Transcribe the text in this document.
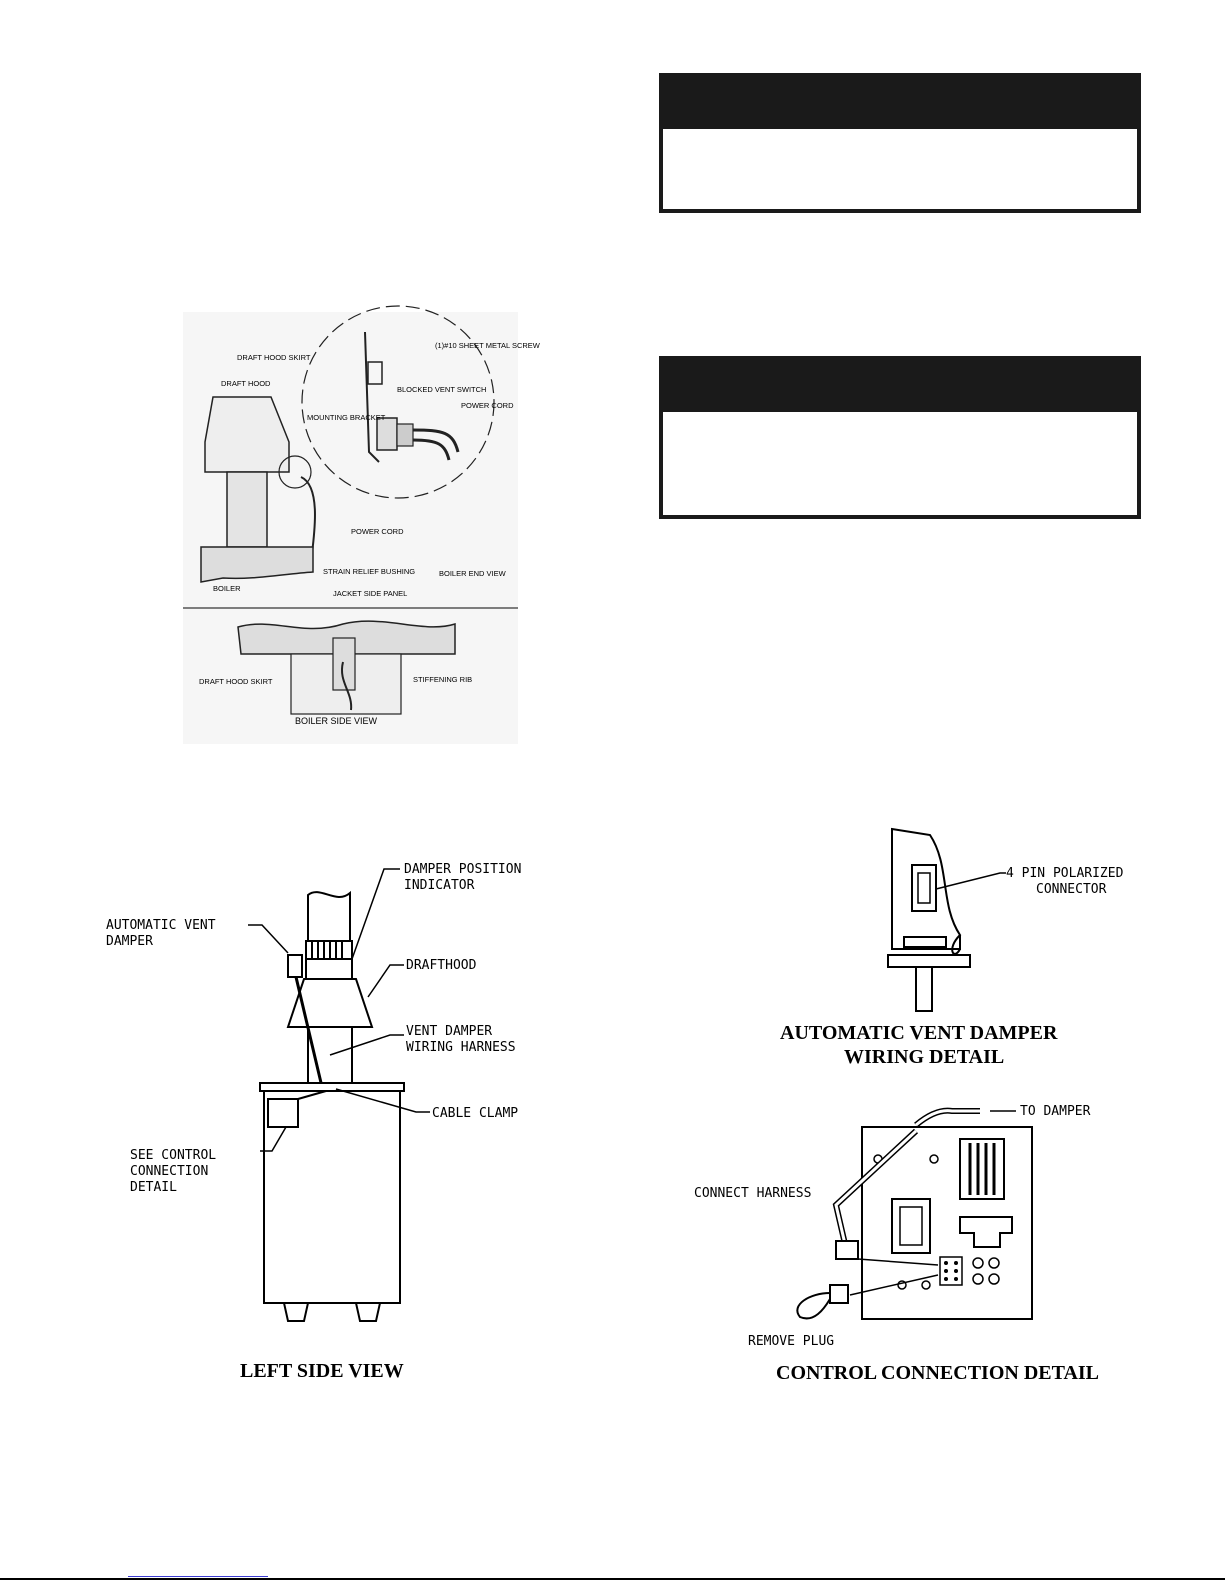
DRAFT HOOD SKIRT
(1)#10 SHEET METAL SCREW
DRAFT HOOD
BLOCKED VENT SWITCH
MOUNTING BRACKET
POWER CORD
POWER CORD
STRAIN RELIEF BUSHING
BOILER
JACKET SIDE PANEL
BOILER END VIEW
DRAFT HOOD SKIRT	STIFFENING RIB
BOILER SIDE VIEW
DAMPER POSITION
INDICATOR
AUTOMATIC VENT
DAMPER
DRAFTHOOD
VENT DAMPER
WIRING HARNESS
CABLE CLAMP
SEE CONTROL
CONNECTION
DETAIL
LEFT SIDE VIEW
4 PIN POLARIZED
CONNECTOR
AUTOMATIC VENT DAMPER
WIRING DETAIL
TO DAMPER
CONNECT HARNESS
REMOVE PLUG
CONTROL CONNECTION DETAIL
